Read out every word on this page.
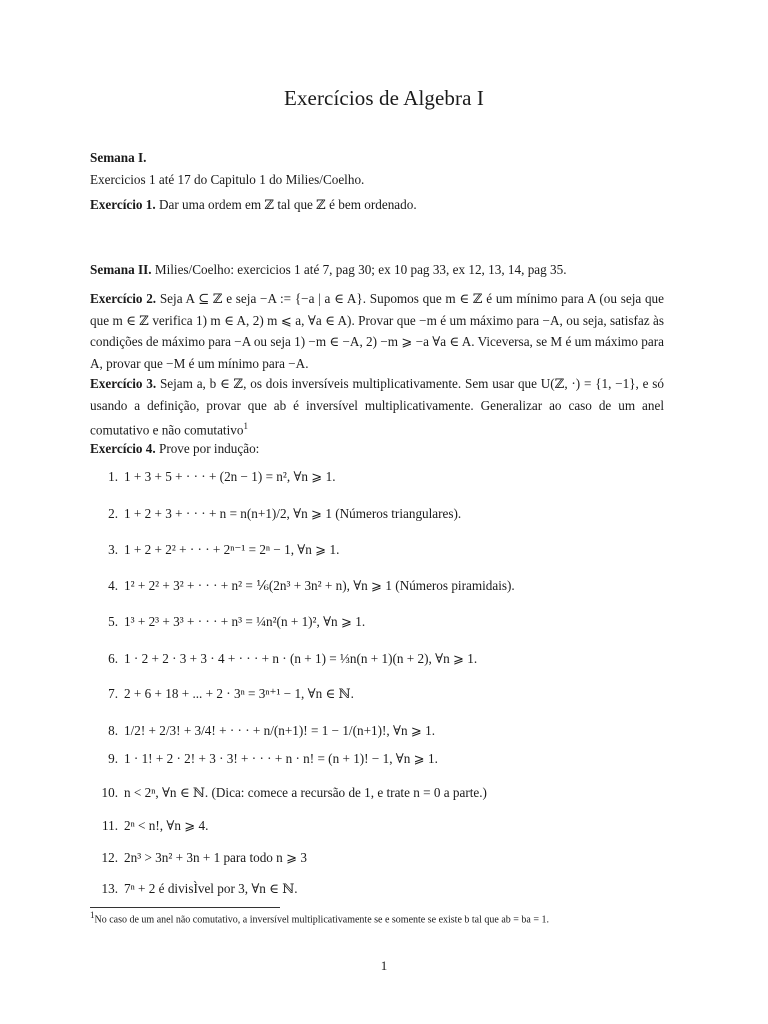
Exercícios de Algebra I
Semana I.
Exercicios 1 até 17 do Capitulo 1 do Milies/Coelho.
Exercício 1. Dar uma ordem em ℤ tal que ℤ é bem ordenado.
Semana II. Milies/Coelho: exercicios 1 até 7, pag 30; ex 10 pag 33, ex 12, 13, 14, pag 35.
Exercício 2. Seja A ⊆ ℤ e seja −A := {−a | a ∈ A}. Supomos que m ∈ ℤ é um mínimo para A (ou seja que que m ∈ ℤ verifica 1) m ∈ A, 2) m ⩽ a, ∀a ∈ A). Provar que −m é um máximo para −A, ou seja, satisfaz às condições de máximo para −A ou seja 1) −m ∈ −A, 2) −m ⩾ −a ∀a ∈ A. Viceversa, se M é um máximo para A, provar que −M é um mínimo para −A.
Exercício 3. Sejam a, b ∈ ℤ, os dois inversíveis multiplicativamente. Sem usar que U(ℤ, ·) = {1, −1}, e só usando a definição, provar que ab é inversível multiplicativamente. Generalizar ao caso de um anel comutativo e não comutativo$^1$
Exercício 4. Prove por indução:
1. 1 + 3 + 5 + · · · + (2n − 1) = n², ∀n ⩾ 1.
2. 1 + 2 + 3 + · · · + n = n(n+1)/2, ∀n ⩾ 1 (Números triangulares).
3. 1 + 2 + 2² + · · · + 2ⁿ⁻¹ = 2ⁿ − 1, ∀n ⩾ 1.
4. 1² + 2² + 3² + · · · + n² = ⅙(2n³ + 3n² + n), ∀n ⩾ 1 (Números piramidais).
5. 1³ + 2³ + 3³ + · · · + n³ = ¼n²(n + 1)², ∀n ⩾ 1.
6. 1 · 2 + 2 · 3 + 3 · 4 + · · · + n · (n + 1) = ⅓n(n + 1)(n + 2), ∀n ⩾ 1.
7. 2 + 6 + 18 + ... + 2 · 3ⁿ = 3ⁿ⁺¹ − 1, ∀n ∈ ℕ.
8. 1/2! + 2/3! + 3/4! + · · · + n/(n+1)! = 1 − 1/(n+1)!, ∀n ⩾ 1.
9. 1 · 1! + 2 · 2! + 3 · 3! + · · · + n · n! = (n + 1)! − 1, ∀n ⩾ 1.
10. n < 2ⁿ, ∀n ∈ ℕ. (Dica: comece a recursão de 1, e trate n = 0 a parte.)
11. 2ⁿ < n!, ∀n ⩾ 4.
12. 2n³ > 3n² + 3n + 1 para todo n ⩾ 3
13. 7ⁿ + 2 é divisÌvel por 3, ∀n ∈ ℕ.
$^1$No caso de um anel não comutativo, a inversível multiplicativamente se e somente se existe b tal que ab = ba = 1.
1
